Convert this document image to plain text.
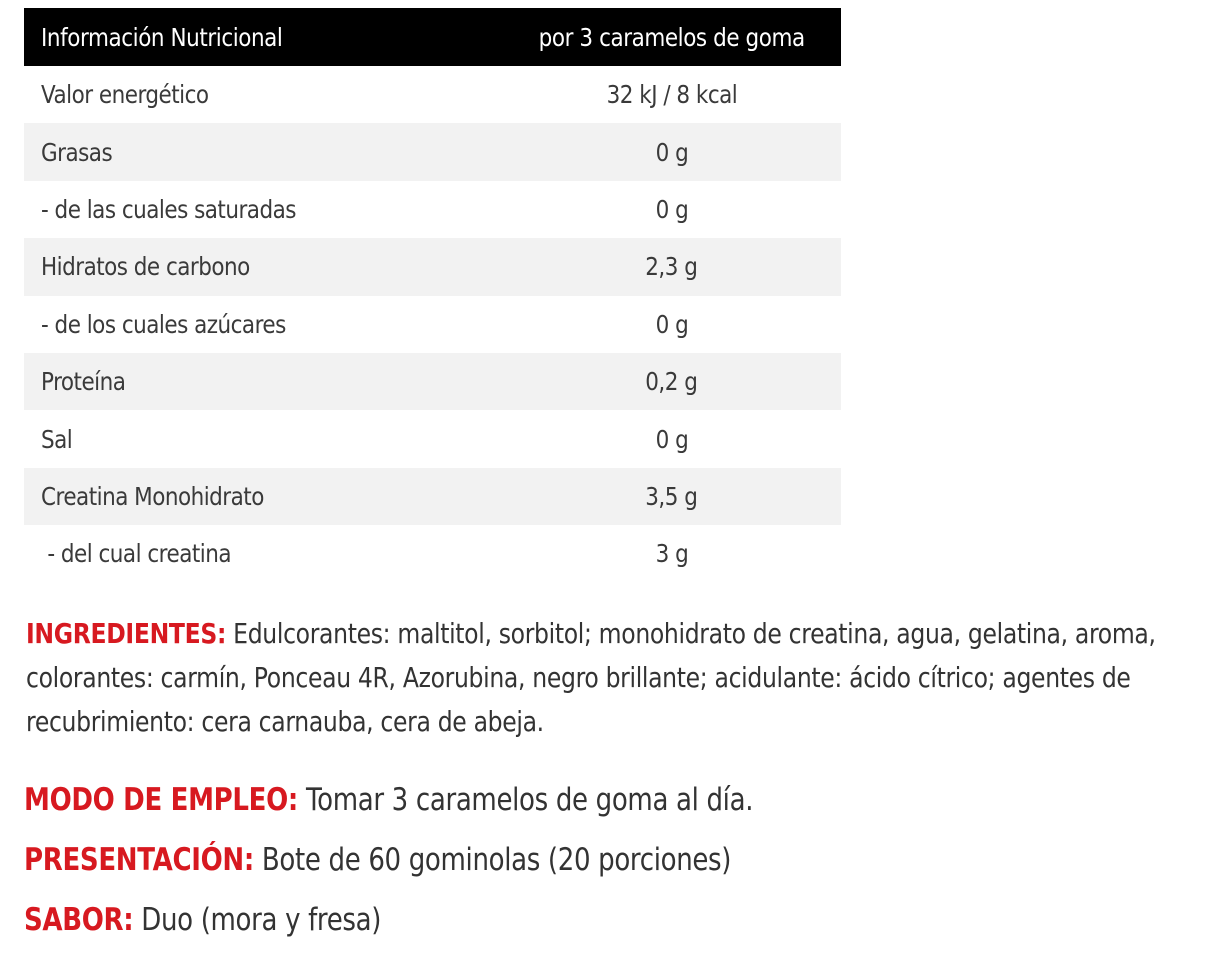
Información Nutricional	por 3 caramelos de goma
Valor energético	32 kJ / 8 kcal
Grasas	0 g
- de las cuales saturadas	0 g
Hidratos de carbono	2,3 g
- de los cuales azúcares	0 g
Proteína	0,2 g
Sal	0 g
Creatina Monohidrato	3,5 g
- del cual creatina	3 g
INGREDIENTES: Edulcorantes: maltitol, sorbitol; monohidrato de creatina, agua, gelatina, aroma, colorantes: carmín, Ponceau 4R, Azorubina, negro brillante; acidulante: ácido cítrico; agentes de recubrimiento: cera carnauba, cera de abeja.
MODO DE EMPLEO: Tomar 3 caramelos de goma al día.
PRESENTACIÓN: Bote de 60 gominolas (20 porciones)
SABOR: Duo (mora y fresa)
